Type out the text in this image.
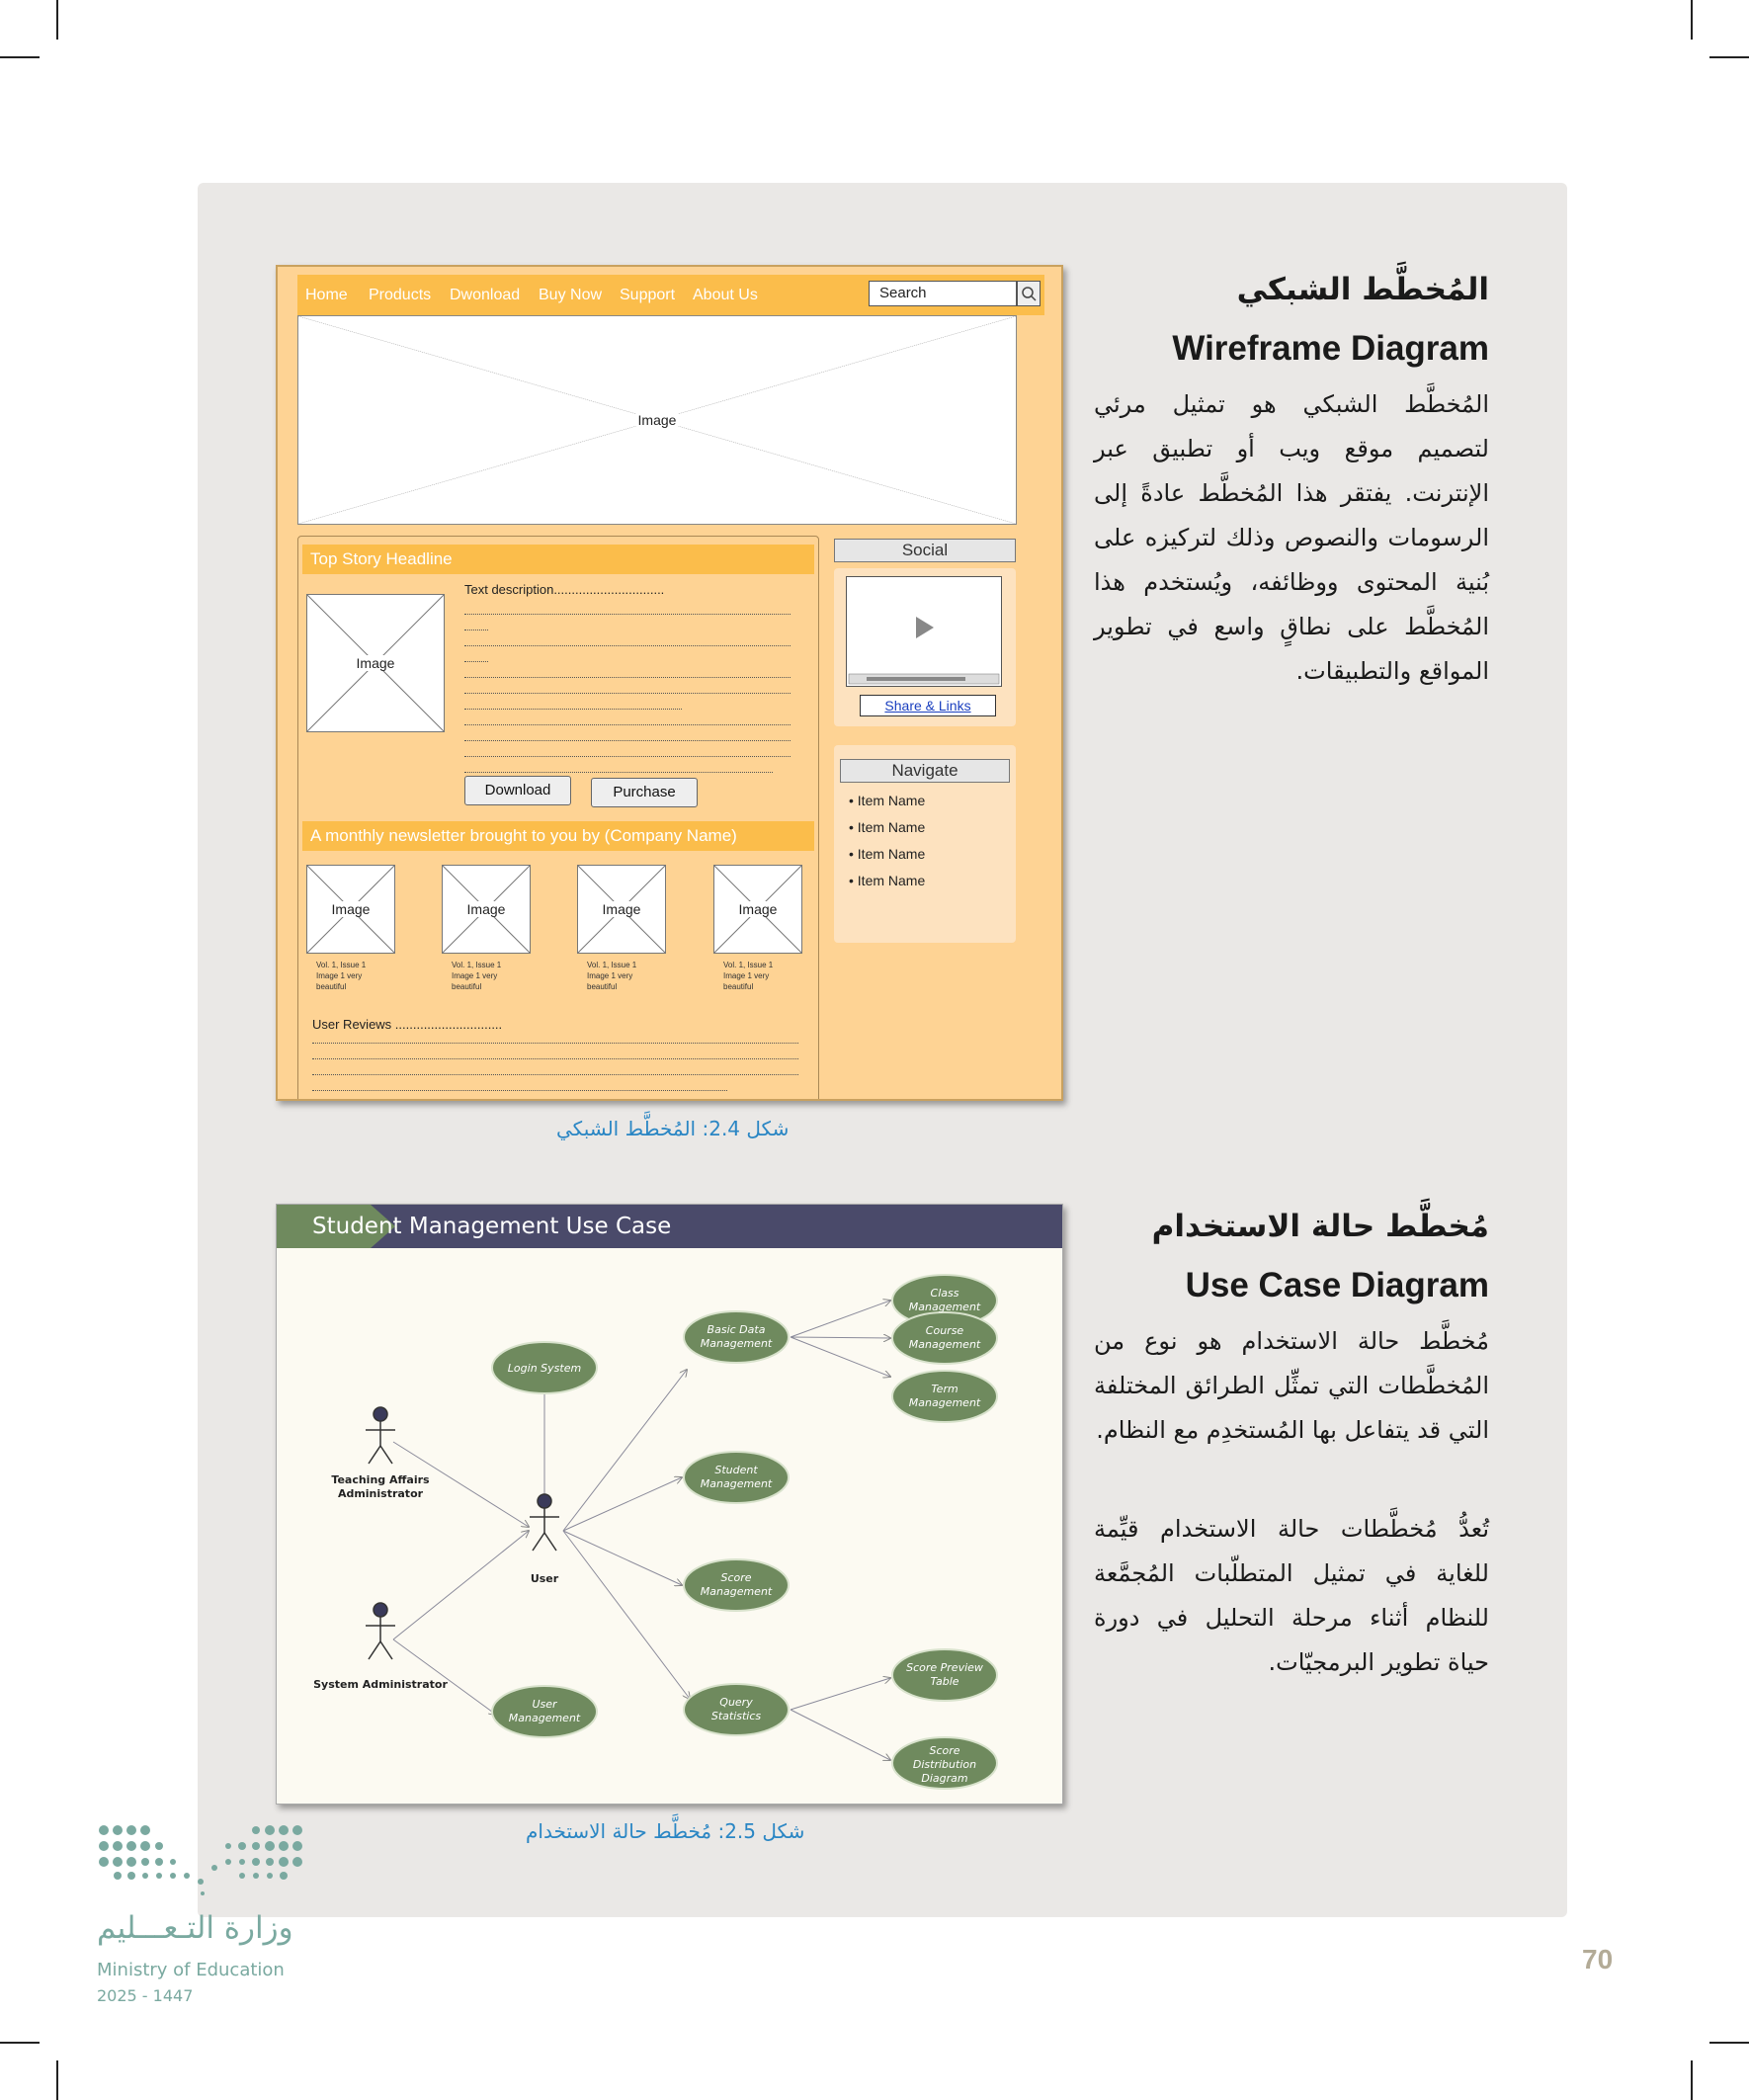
المُخطَّط الشبكي
Wireframe Diagram
المُخطَّط الشبكي هو تمثيل مرئي لتصميم موقع ويب أو تطبيق عبر الإنترنت. يفتقر هذا المُخطَّط عادةً إلى الرسومات والنصوص وذلك لتركيزه على بُنية المحتوى ووظائفه، ويُستخدم هذا المُخطَّط على نطاقٍ واسع في تطوير المواقع والتطبيقات.
Home Products Dwonload Buy Now Support About Us	Search
Image
Top Story Headline
Image
Text description...............................
Download	Purchase
A monthly newsletter brought to you by (Company Name)
Image	Image	Image	Image
Vol. 1, Issue 1 Image 1 very beautiful
Vol. 1, Issue 1 Image 1 very beautiful
Vol. 1, Issue 1 Image 1 very beautiful
Vol. 1, Issue 1 Image 1 very beautiful
User Reviews ..............................
Social
Share & Links
Navigate
• Item Name
• Item Name
• Item Name
• Item Name
شكل 2.4: المُخطَّط الشبكي
مُخطَّط حالة الاستخدام
Use Case Diagram
مُخطَّط حالة الاستخدام هو نوع من المُخطَّطات التي تمثِّل الطرائق المختلفة التي قد يتفاعل بها المُستخدِم مع النظام.
تُعدُّ مُخطَّطات حالة الاستخدام قيِّمة للغاية في تمثيل المتطلّبات المُجمَّعة للنظام أثناء مرحلة التحليل في دورة حياة تطوير البرمجيّات.
Login System
Basic Data
Management
Student
Management
Score
Management
Query
Statistics
User
Management
Class
Management
Course
Management
Term
Management
Score Preview
Table
Score
Distribution
Diagram
Teaching Affairs
Administrator
User
System Administrator
Student Management Use Case
شكل 2.5: مُخطَّط حالة الاستخدام
وزارة التـعـــليم
Ministry of Education
2025 - 1447
70
